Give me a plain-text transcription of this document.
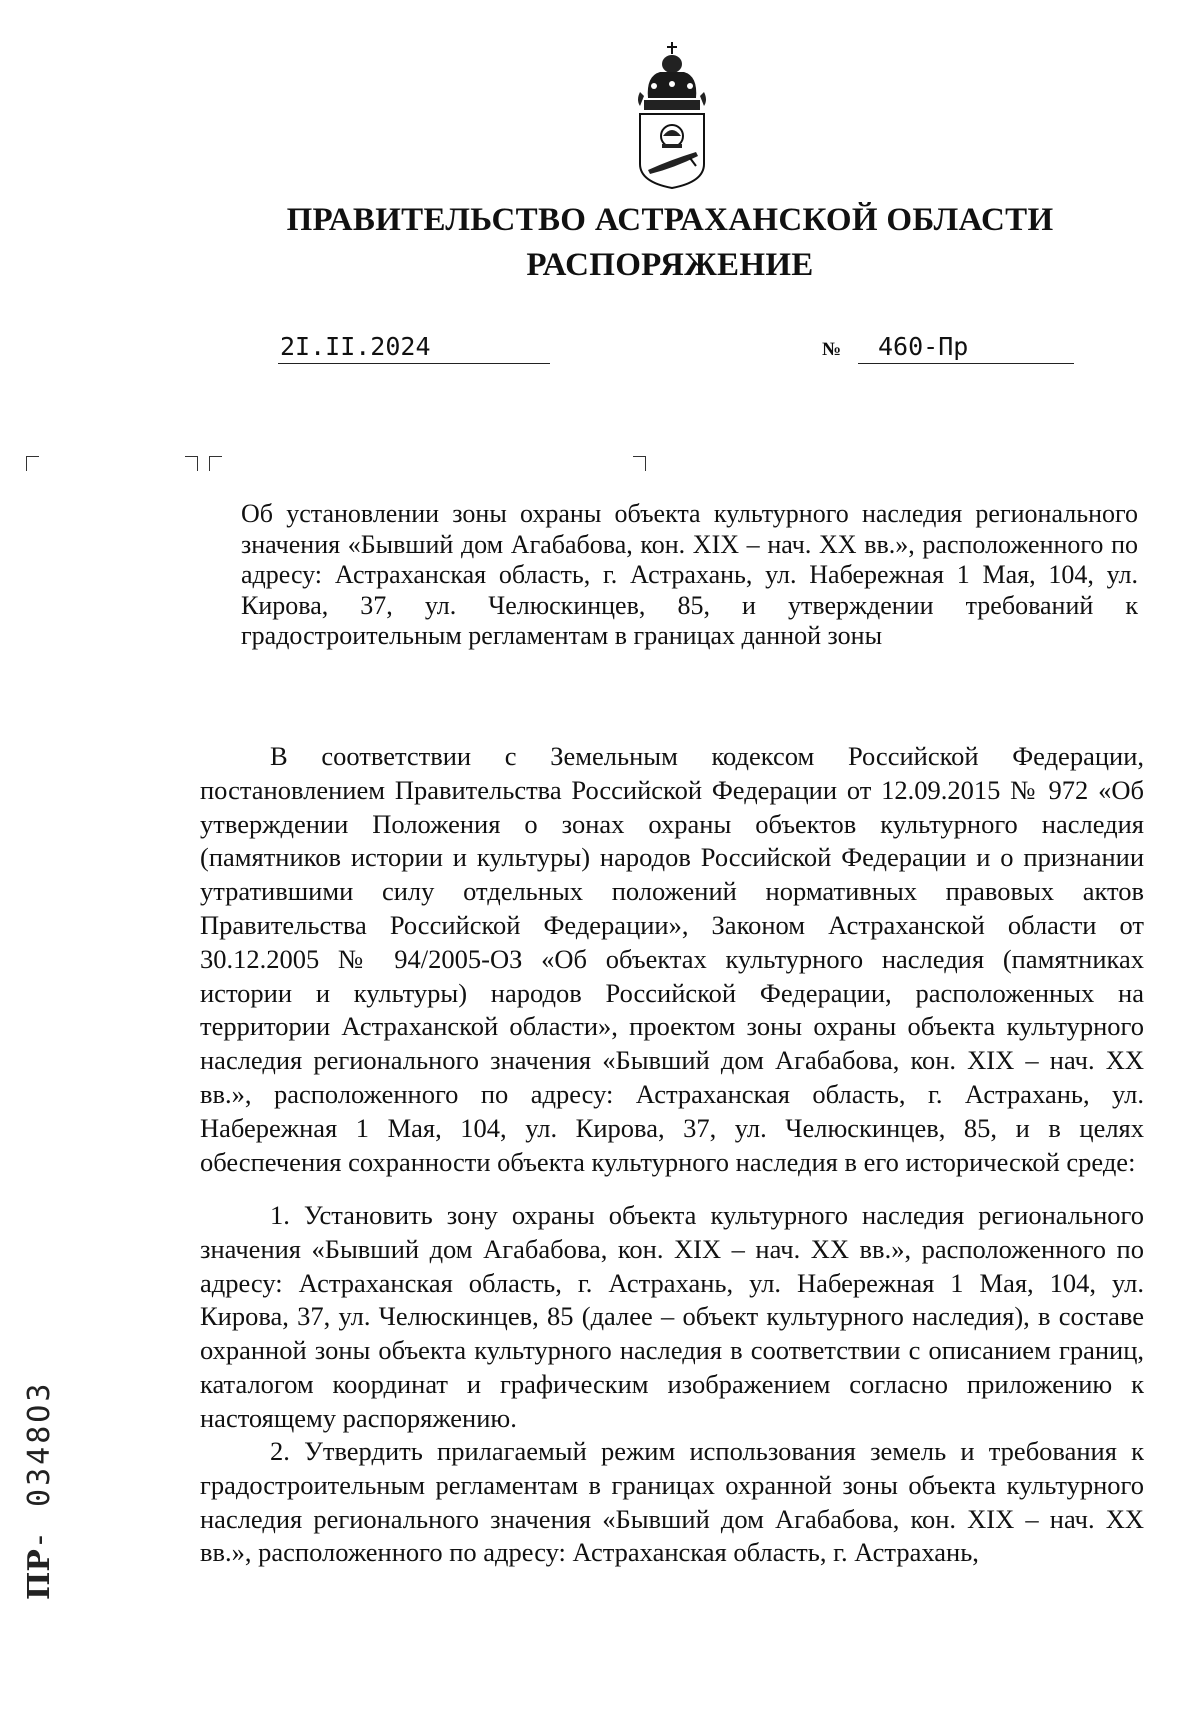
ПРАВИТЕЛЬСТВО АСТРАХАНСКОЙ ОБЛАСТИ
РАСПОРЯЖЕНИЕ
2I.II.2024	№	460-Пр

Об установлении зоны охраны объекта культурного наследия регионального значения «Бывший дом Агабабова, кон. XIX – нач. XX вв.», расположенного по адресу: Астраханская область, г. Астрахань, ул. Набережная 1 Мая, 104, ул. Кирова, 37, ул. Челюскинцев, 85, и утверждении требований к градостроительным регламентам в границах данной зоны

В соответствии с Земельным кодексом Российской Федерации, постановлением Правительства Российской Федерации от 12.09.2015 № 972 «Об утверждении Положения о зонах охраны объектов культурного наследия (памятников истории и культуры) народов Российской Федерации и о признании утратившими силу отдельных положений нормативных правовых актов Правительства Российской Федерации», Законом Астраханской области от 30.12.2005 № 94/2005-ОЗ «Об объектах культурного наследия (памятниках истории и культуры) народов Российской Федерации, расположенных на территории Астраханской области», проектом зоны охраны объекта культурного наследия регионального значения «Бывший дом Агабабова, кон. XIX – нач. XX вв.», расположенного по адресу: Астраханская область, г. Астрахань, ул. Набережная 1 Мая, 104, ул. Кирова, 37, ул. Челюскинцев, 85, и в целях обеспечения сохранности объекта культурного наследия в его исторической среде:

1. Установить зону охраны объекта культурного наследия регионального значения «Бывший дом Агабабова, кон. XIX – нач. XX вв.», расположенного по адресу: Астраханская область, г. Астрахань, ул. Набережная 1 Мая, 104, ул. Кирова, 37, ул. Челюскинцев, 85 (далее – объект культурного наследия), в составе охранной зоны объекта культурного наследия в соответствии с описанием границ, каталогом координат и графическим изображением согласно приложению к настоящему распоряжению.

2. Утвердить прилагаемый режим использования земель и требования к градостроительным регламентам в границах охранной зоны объекта культурного наследия регионального значения «Бывший дом Агабабова, кон. XIX – нач. XX вв.», расположенного по адресу: Астраханская область, г. Астрахань,

ПР- 0348О3
